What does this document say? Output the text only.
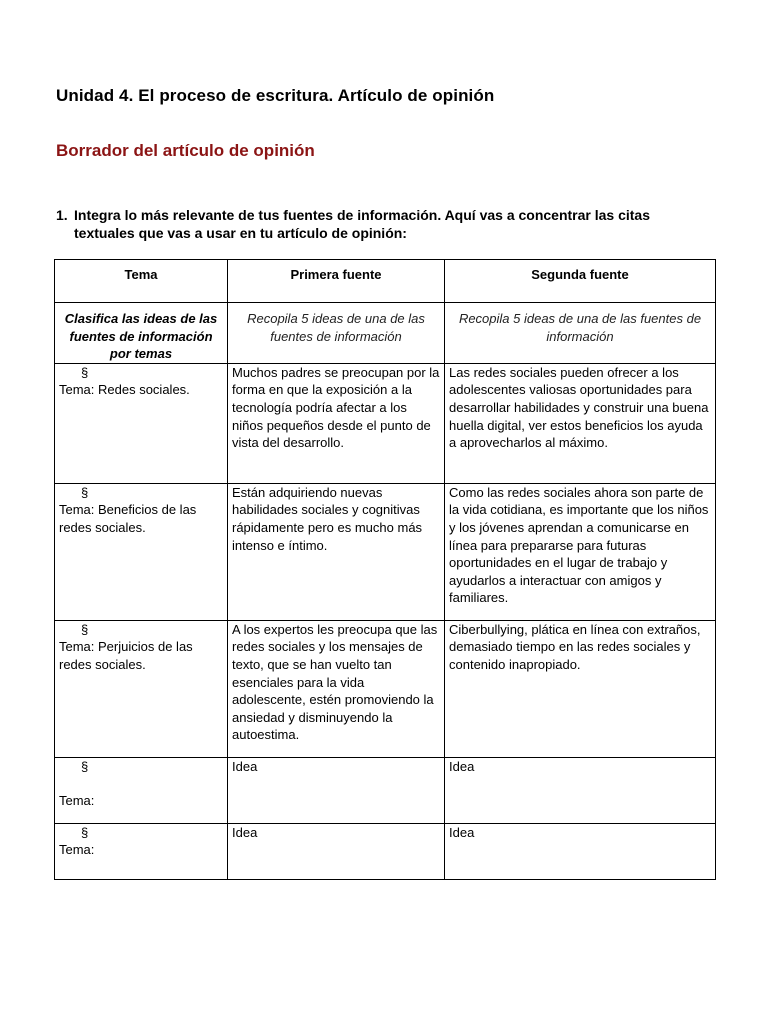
Unidad 4. El proceso de escritura. Artículo de opinión
Borrador del artículo de opinión
1. Integra lo más relevante de tus fuentes de información. Aquí vas a concentrar las citas textuales que vas a usar en tu artículo de opinión:
Tema	Primera fuente	Segunda fuente
Clasifica las ideas de las fuentes de información por temas	Recopila 5 ideas de una de las fuentes de información	Recopila 5 ideas de una de las fuentes de información

§
Tema: Redes sociales.	Muchos padres se preocupan por la forma en que la exposición a la tecnología podría afectar a los niños pequeños desde el punto de vista del desarrollo.	Las redes sociales pueden ofrecer a los adolescentes valiosas oportunidades para desarrollar habilidades y construir una buena huella digital, ver estos beneficios los ayuda a aprovecharlos al máximo.

§
Tema: Beneficios de las redes sociales.	Están adquiriendo nuevas habilidades sociales y cognitivas rápidamente pero es mucho más intenso e íntimo.	Como las redes sociales ahora son parte de la vida cotidiana, es importante que los niños y los jóvenes aprendan a comunicarse en línea para prepararse para futuras oportunidades en el lugar de trabajo y ayudarlos a interactuar con amigos y familiares.

§
Tema: Perjuicios de las redes sociales.	A los expertos les preocupa que las redes sociales y los mensajes de texto, que se han vuelto tan esenciales para la vida adolescente, estén promoviendo la ansiedad y disminuyendo la autoestima.	Ciberbullying, plática en línea con extraños, demasiado tiempo en las redes sociales y contenido inapropiado.

§
Tema:	Idea	Idea

§
Tema:	Idea	Idea
